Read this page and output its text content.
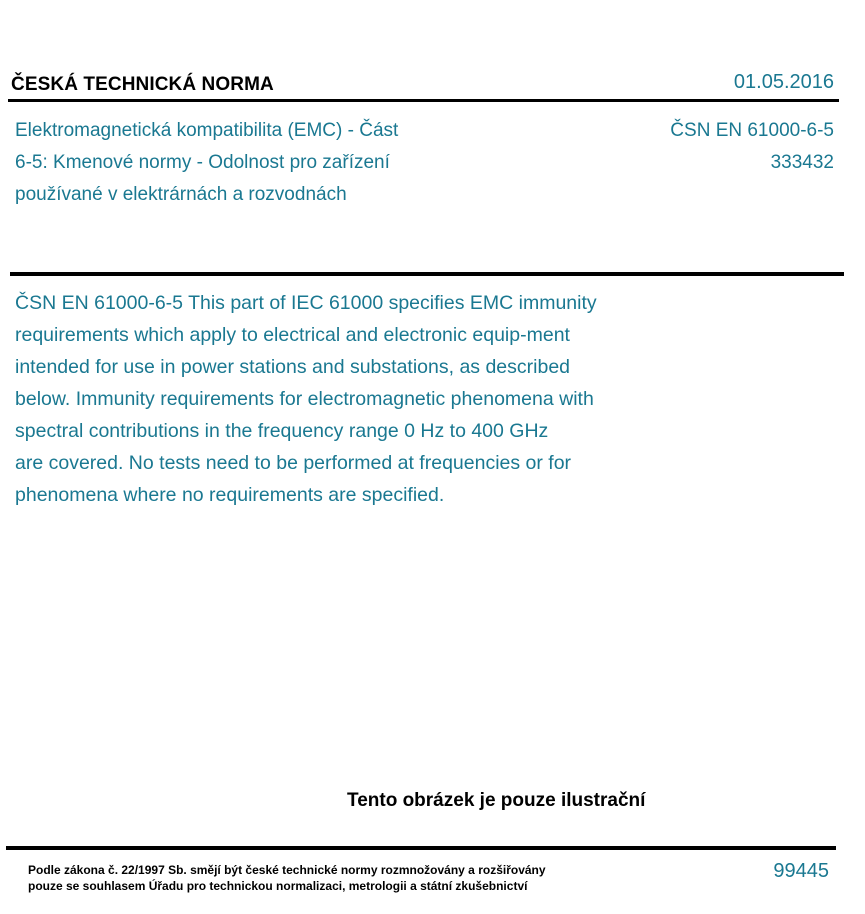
ČESKÁ TECHNICKÁ NORMA	01.05.2016
Elektromagnetická kompatibilita (EMC) - Část
6-5: Kmenové normy - Odolnost pro zařízení
používané v elektrárnách a rozvodnách
ČSN EN 61000-6-5
333432
ČSN EN 61000-6-5 This part of IEC 61000 specifies EMC immunity
requirements which apply to electrical and electronic equip-ment
intended for use in power stations and substations, as described
below. Immunity requirements for electromagnetic phenomena with
spectral contributions in the frequency range 0 Hz to 400 GHz
are covered. No tests need to be performed at frequencies or for
phenomena where no requirements are specified.
Tento obrázek je pouze ilustrační
Podle zákona č. 22/1997 Sb. smějí být české technické normy rozmnožovány a rozšiřovány
pouze se souhlasem Úřadu pro technickou normalizaci, metrologii a státní zkušebnictví
99445
